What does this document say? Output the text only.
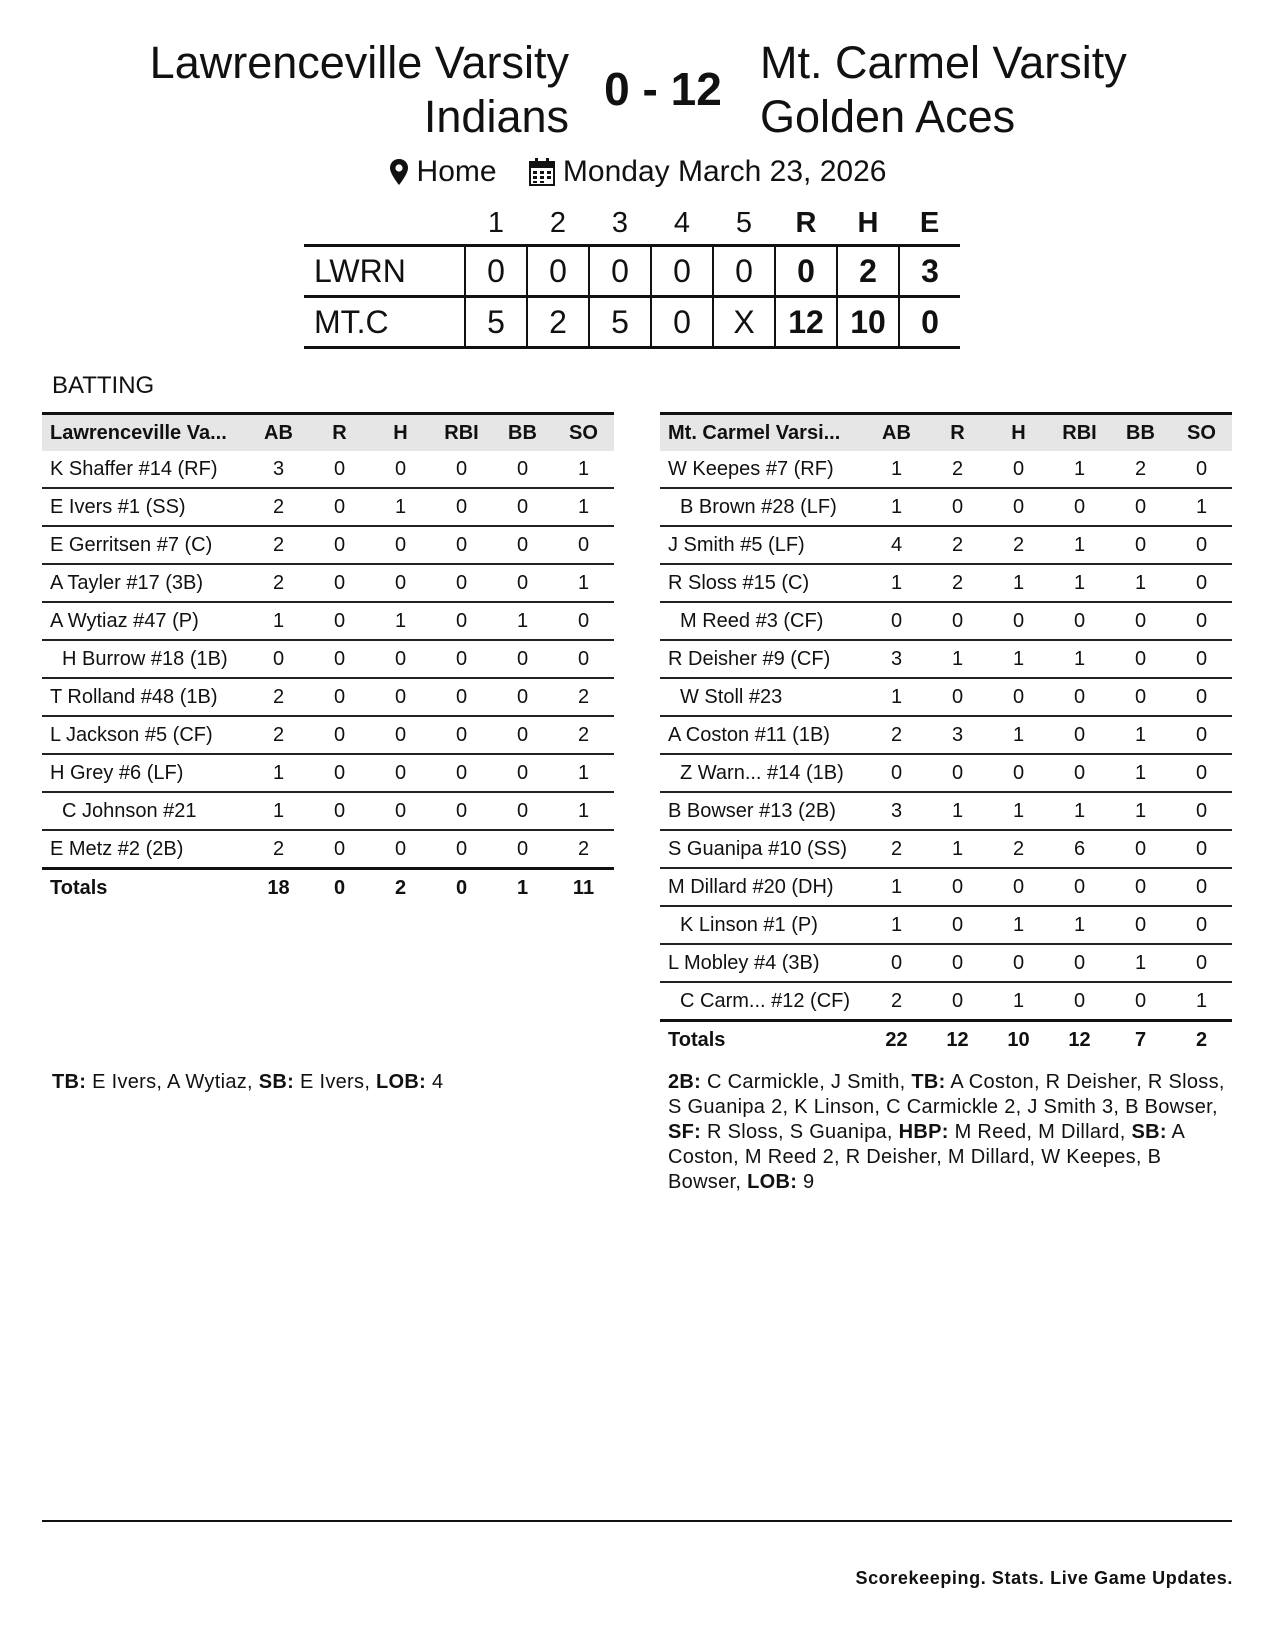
Lawrenceville Varsity
Indians
0 - 12
Mt. Carmel Varsity
Golden Aces
Home
Monday March 23, 2026
	1	2	3	4	5	R	H	E
LWRN	0	0	0	0	0	0	2	3
MT.C	5	2	5	0	X	12	10	0
BATTING
Lawrenceville Va...	AB	R	H	RBI	BB	SO
K Shaffer #14 (RF)	3	0	0	0	0	1
E Ivers #1 (SS)	2	0	1	0	0	1
E Gerritsen #7 (C)	2	0	0	0	0	0
A Tayler #17 (3B)	2	0	0	0	0	1
A Wytiaz #47 (P)	1	0	1	0	1	0
H Burrow #18 (1B)	0	0	0	0	0	0
T Rolland #48 (1B)	2	0	0	0	0	2
L Jackson #5 (CF)	2	0	0	0	0	2
H Grey #6 (LF)	1	0	0	0	0	1
C Johnson #21	1	0	0	0	0	1
E Metz #2 (2B)	2	0	0	0	0	2
Totals	18	0	2	0	1	11
Mt. Carmel Varsi...	AB	R	H	RBI	BB	SO
W Keepes #7 (RF)	1	2	0	1	2	0
B Brown #28 (LF)	1	0	0	0	0	1
J Smith #5 (LF)	4	2	2	1	0	0
R Sloss #15 (C)	1	2	1	1	1	0
M Reed #3 (CF)	0	0	0	0	0	0
R Deisher #9 (CF)	3	1	1	1	0	0
W Stoll #23	1	0	0	0	0	0
A Coston #11 (1B)	2	3	1	0	1	0
Z Warn... #14 (1B)	0	0	0	0	1	0
B Bowser #13 (2B)	3	1	1	1	1	0
S Guanipa #10 (SS)	2	1	2	6	0	0
M Dillard #20 (DH)	1	0	0	0	0	0
K Linson #1 (P)	1	0	1	1	0	0
L Mobley #4 (3B)	0	0	0	0	1	0
C Carm... #12 (CF)	2	0	1	0	0	1
Totals	22	12	10	12	7	2
TB: E Ivers, A Wytiaz, SB: E Ivers, LOB: 4	2B: C Carmickle, J Smith, TB: A Coston, R Deisher, R Sloss, S Guanipa 2, K Linson, C Carmickle 2, J Smith 3, B Bowser, SF: R Sloss, S Guanipa, HBP: M Reed, M Dillard, SB: A Coston, M Reed 2, R Deisher, M Dillard, W Keepes, B Bowser, LOB: 9
Scorekeeping. Stats. Live Game Updates.
